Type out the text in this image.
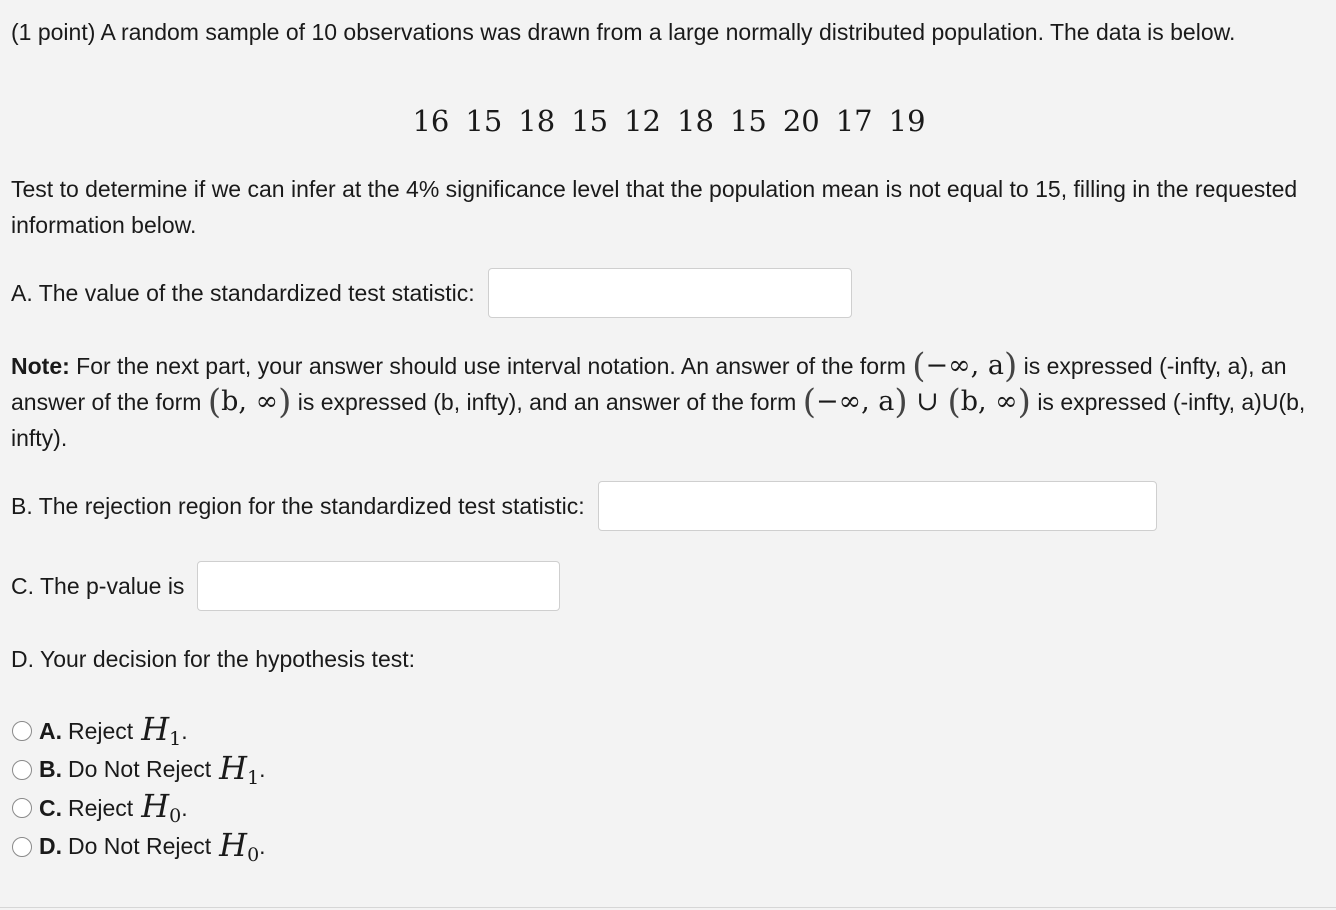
(1 point) A random sample of 10 observations was drawn from a large normally distributed population. The data is below.

16 15 18 15 12 18 15 20 17 19

Test to determine if we can infer at the 4% significance level that the population mean is not equal to 15, filling in the requested information below.

A. The value of the standardized test statistic:

Note: For the next part, your answer should use interval notation. An answer of the form (−∞, a) is expressed (-infty, a), an answer of the form (b, ∞) is expressed (b, infty), and an answer of the form (−∞, a) ∪ (b, ∞) is expressed (-infty, a)U(b, infty).

B. The rejection region for the standardized test statistic:
C. The p-value is
D. Your decision for the hypothesis test:
A. Reject $H_1$ .
B. Do Not Reject $H_1$ .
C. Reject $H_0$ .
D. Do Not Reject $H_0$ .
